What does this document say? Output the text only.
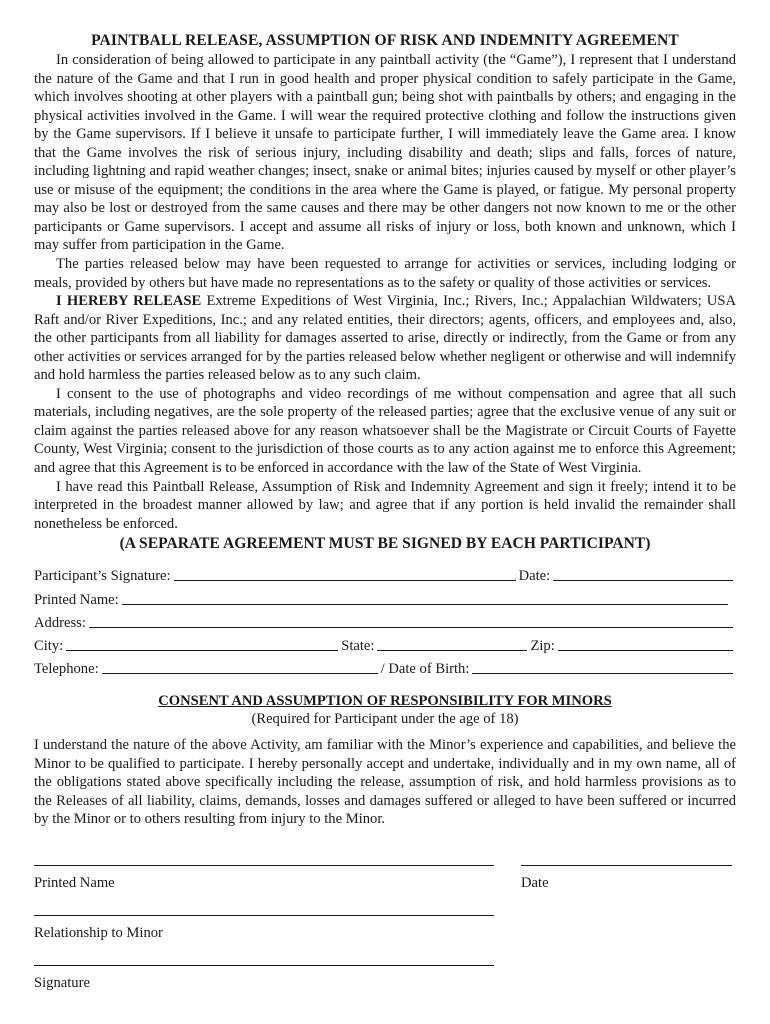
PAINTBALL RELEASE, ASSUMPTION OF RISK AND INDEMNITY AGREEMENT

In consideration of being allowed to participate in any paintball activity (the “Game”), I represent that I understand the nature of the Game and that I run in good health and proper physical condition to safely participate in the Game, which involves shooting at other players with a paintball gun; being shot with paintballs by others; and engaging in the physical activities involved in the Game. I will wear the required protective clothing and follow the instructions given by the Game supervisors. If I believe it unsafe to participate further, I will immediately leave the Game area. I know that the Game involves the risk of serious injury, including disability and death; slips and falls, forces of nature, including lightning and rapid weather changes; insect, snake or animal bites; injuries caused by myself or other player’s use or misuse of the equipment; the conditions in the area where the Game is played, or fatigue. My personal property may also be lost or destroyed from the same causes and there may be other dangers not now known to me or the other participants or Game supervisors. I accept and assume all risks of injury or loss, both known and unknown, which I may suffer from participation in the Game.

The parties released below may have been requested to arrange for activities or services, including lodging or meals, provided by others but have made no representations as to the safety or quality of those activities or services.

I HEREBY RELEASE Extreme Expeditions of West Virginia, Inc.; Rivers, Inc.; Appalachian Wildwaters; USA Raft and/or River Expeditions, Inc.; and any related entities, their directors; agents, officers, and employees and, also, the other participants from all liability for damages asserted to arise, directly or indirectly, from the Game or from any other activities or services arranged for by the parties released below whether negligent or otherwise and will indemnify and hold harmless the parties released below as to any such claim.

I consent to the use of photographs and video recordings of me without compensation and agree that all such materials, including negatives, are the sole property of the released parties; agree that the exclusive venue of any suit or claim against the parties released above for any reason whatsoever shall be the Magistrate or Circuit Courts of Fayette County, West Virginia; consent to the jurisdiction of those courts as to any action against me to enforce this Agreement; and agree that this Agreement is to be enforced in accordance with the law of the State of West Virginia.

I have read this Paintball Release, Assumption of Risk and Indemnity Agreement and sign it freely; intend it to be interpreted in the broadest manner allowed by law; and agree that if any portion is held invalid the remainder shall nonetheless be enforced.

(A SEPARATE AGREEMENT MUST BE SIGNED BY EACH PARTICIPANT)
Participant’s Signature:	Date:
Printed Name:
Address:
City:	State:	Zip:
Telephone:	/ Date of Birth:
CONSENT AND ASSUMPTION OF RESPONSIBILITY FOR MINORS
(Required for Participant under the age of 18)
I understand the nature of the above Activity, am familiar with the Minor’s experience and capabilities, and believe the Minor to be qualified to participate. I hereby personally accept and undertake, individually and in my own name, all of the obligations stated above specifically including the release, assumption of risk, and hold harmless provisions as to the Releases of all liability, claims, demands, losses and damages suffered or alleged to have been suffered or incurred by the Minor or to others resulting from injury to the Minor.
Printed Name	Date
Relationship to Minor
Signature
